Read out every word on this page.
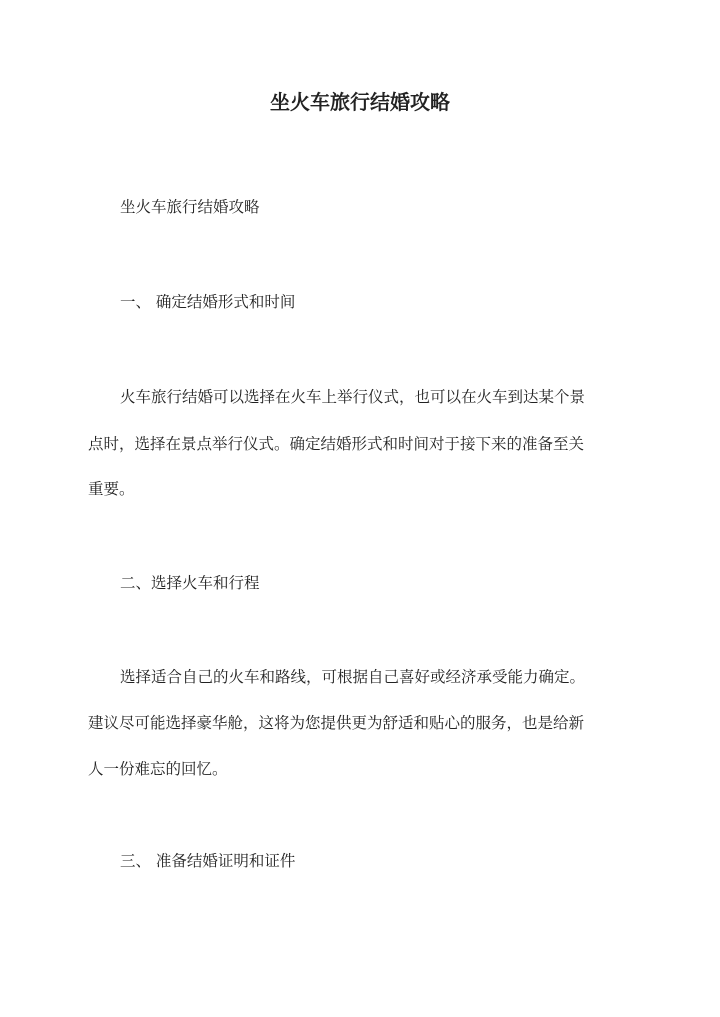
坐火车旅行结婚攻略

坐火车旅行结婚攻略

一、 确定结婚形式和时间

火车旅行结婚可以选择在火车上举行仪式，也可以在火车到达某个景

点时，选择在景点举行仪式。确定结婚形式和时间对于接下来的准备至关

重要。

二、选择火车和行程

选择适合自己的火车和路线，可根据自己喜好或经济承受能力确定。

建议尽可能选择豪华舱，这将为您提供更为舒适和贴心的服务，也是给新

人一份难忘的回忆。

三、 准备结婚证明和证件
